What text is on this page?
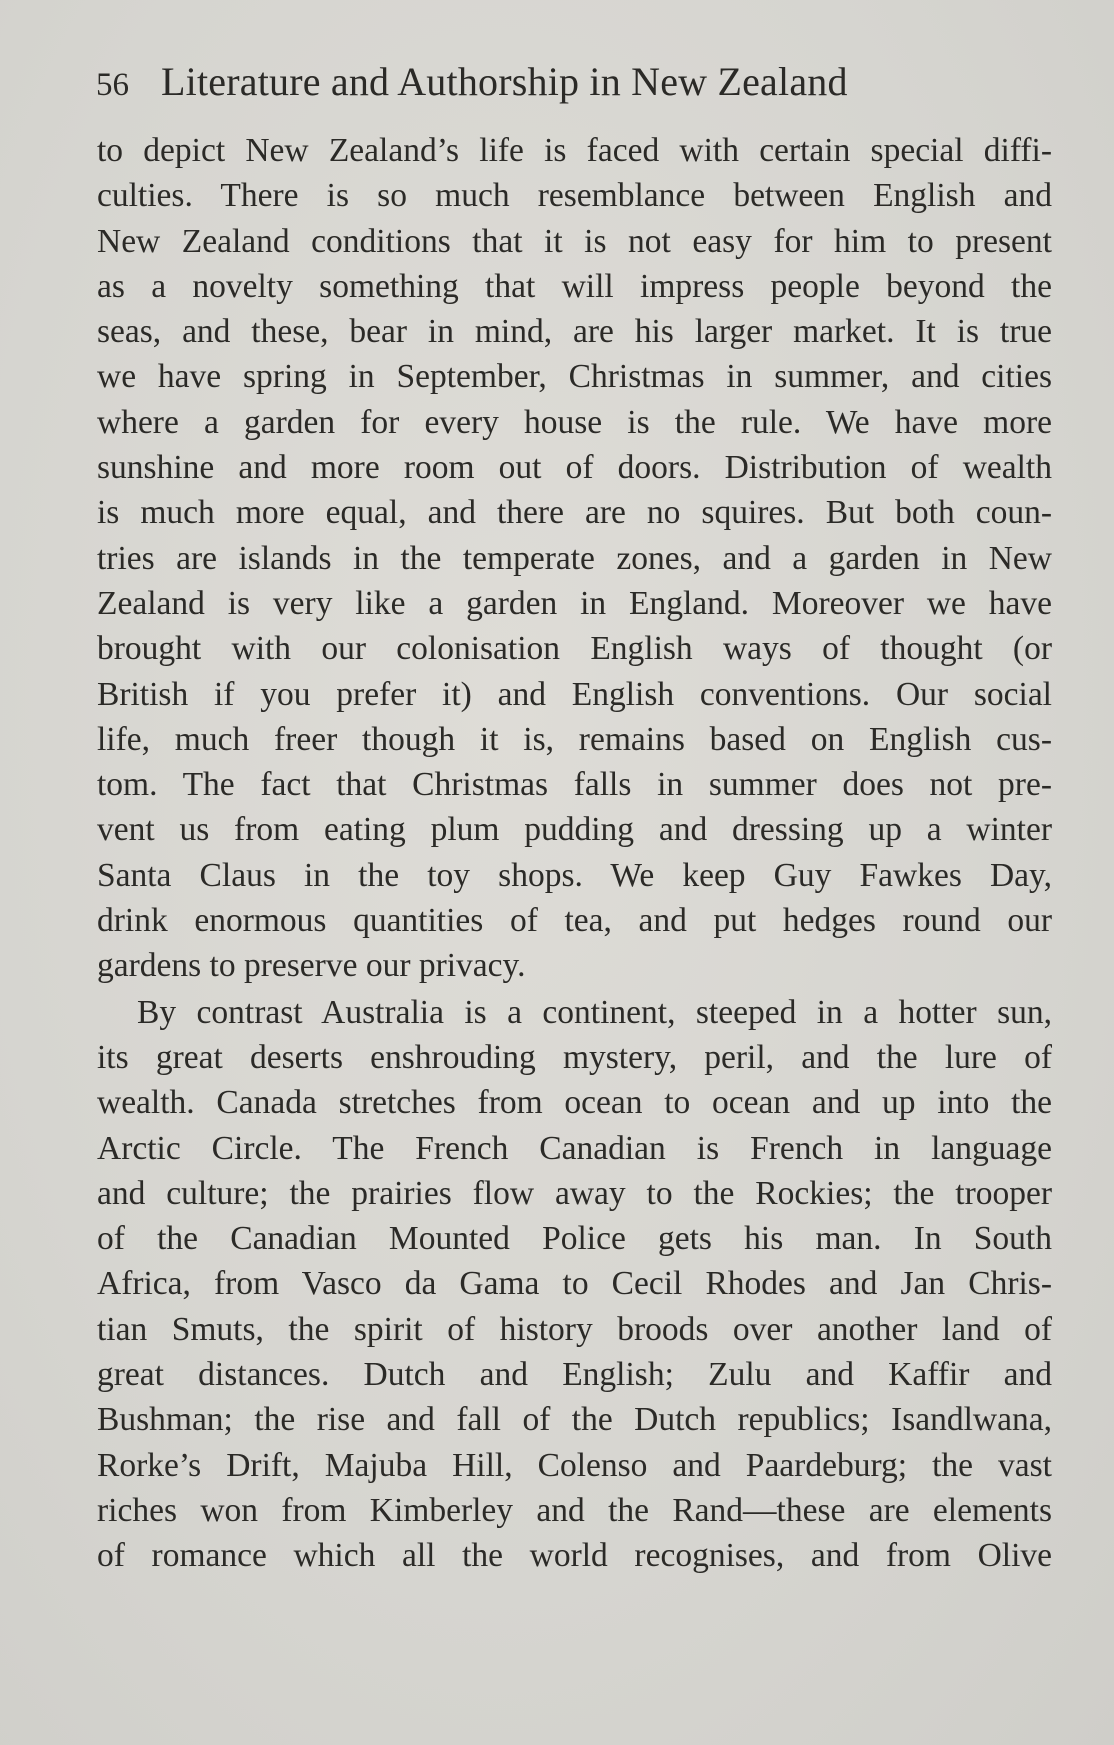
56 Literature and Authorship in New Zealand
to depict New Zealand’s life is faced with certain special diffi-
culties. There is so much resemblance between English and
New Zealand conditions that it is not easy for him to present
as a novelty something that will impress people beyond the
seas, and these, bear in mind, are his larger market. It is true
we have spring in September, Christmas in summer, and cities
where a garden for every house is the rule. We have more
sunshine and more room out of doors. Distribution of wealth
is much more equal, and there are no squires. But both coun-
tries are islands in the temperate zones, and a garden in New
Zealand is very like a garden in England. Moreover we have
brought with our colonisation English ways of thought (or
British if you prefer it) and English conventions. Our social
life, much freer though it is, remains based on English cus-
tom. The fact that Christmas falls in summer does not pre-
vent us from eating plum pudding and dressing up a winter
Santa Claus in the toy shops. We keep Guy Fawkes Day,
drink enormous quantities of tea, and put hedges round our
gardens to preserve our privacy.
By contrast Australia is a continent, steeped in a hotter sun,
its great deserts enshrouding mystery, peril, and the lure of
wealth. Canada stretches from ocean to ocean and up into the
Arctic Circle. The French Canadian is French in language
and culture; the prairies flow away to the Rockies; the trooper
of the Canadian Mounted Police gets his man. In South
Africa, from Vasco da Gama to Cecil Rhodes and Jan Chris-
tian Smuts, the spirit of history broods over another land of
great distances. Dutch and English; Zulu and Kaffir and
Bushman; the rise and fall of the Dutch republics; Isandlwana,
Rorke’s Drift, Majuba Hill, Colenso and Paardeburg; the vast
riches won from Kimberley and the Rand—these are elements
of romance which all the world recognises, and from Olive
